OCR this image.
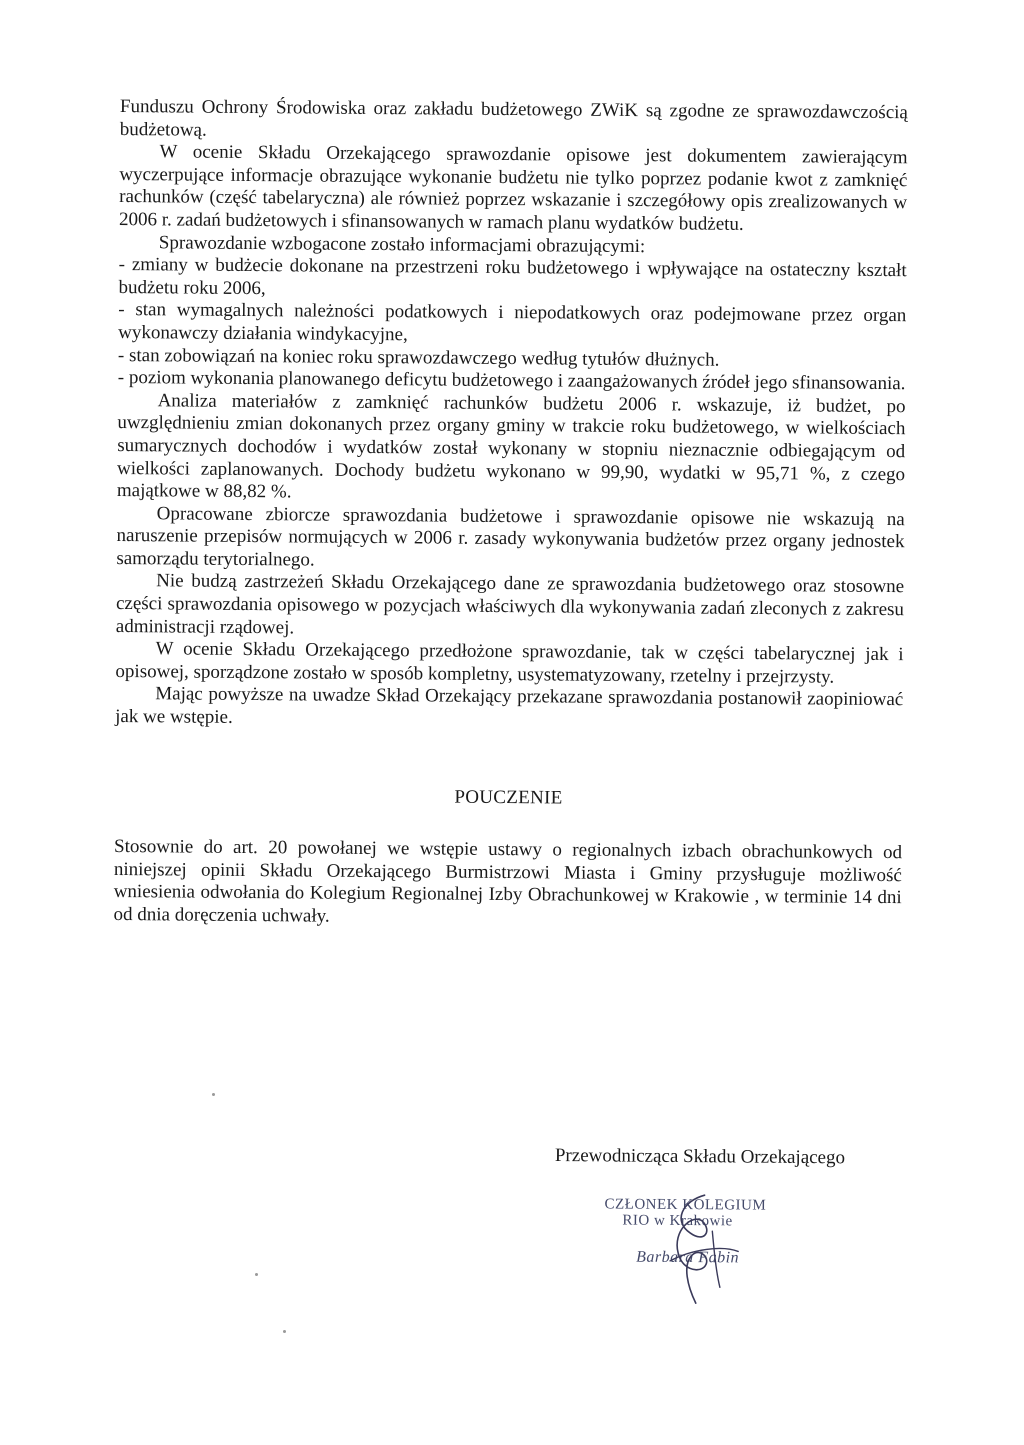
Funduszu Ochrony Środowiska oraz zakładu budżetowego ZWiK są zgodne ze sprawozdawczością budżetową.

W ocenie Składu Orzekającego sprawozdanie opisowe jest dokumentem zawierającym wyczerpujące informacje obrazujące wykonanie budżetu nie tylko poprzez podanie kwot z zamknięć rachunków (część tabelaryczna) ale również poprzez wskazanie i szczegółowy opis zrealizowanych w 2006 r. zadań budżetowych i sfinansowanych w ramach planu wydatków budżetu.

Sprawozdanie wzbogacone zostało informacjami obrazującymi:

- zmiany w budżecie dokonane na przestrzeni roku budżetowego i wpływające na ostateczny kształt budżetu roku 2006,

- stan wymagalnych należności podatkowych i niepodatkowych oraz podejmowane przez organ wykonawczy działania windykacyjne,

- stan zobowiązań na koniec roku sprawozdawczego według tytułów dłużnych.

- poziom wykonania planowanego deficytu budżetowego i zaangażowanych źródeł jego sfinansowania.

Analiza materiałów z zamknięć rachunków budżetu 2006 r. wskazuje, iż budżet, po uwzględnieniu zmian dokonanych przez organy gminy w trakcie roku budżetowego, w wielkościach sumarycznych dochodów i wydatków został wykonany w stopniu nieznacznie odbiegającym od wielkości zaplanowanych. Dochody budżetu wykonano w 99,90, wydatki w 95,71 %, z czego majątkowe w 88,82 %.

Opracowane zbiorcze sprawozdania budżetowe i sprawozdanie opisowe nie wskazują na naruszenie przepisów normujących w 2006 r. zasady wykonywania budżetów przez organy jednostek samorządu terytorialnego.

Nie budzą zastrzeżeń Składu Orzekającego dane ze sprawozdania budżetowego oraz stosowne części sprawozdania opisowego w pozycjach właściwych dla wykonywania zadań zleconych z zakresu administracji rządowej.

W ocenie Składu Orzekającego przedłożone sprawozdanie, tak w części tabelarycznej jak i opisowej, sporządzone zostało w sposób kompletny, usystematyzowany, rzetelny i przejrzysty.

Mając powyższe na uwadze Skład Orzekający przekazane sprawozdania postanowił zaopiniować jak we wstępie.

POUCZENIE

Stosownie do art. 20 powołanej we wstępie ustawy o regionalnych izbach obrachunkowych od niniejszej opinii Składu Orzekającego Burmistrzowi Miasta i Gminy przysługuje możliwość wniesienia odwołania do Kolegium Regionalnej Izby Obrachunkowej w Krakowie , w terminie 14 dni od dnia doręczenia uchwały.

Przewodnicząca Składu Orzekającego
CZŁONEK KOLEGIUM
RIO w Krakowie
Barbara Fabin
